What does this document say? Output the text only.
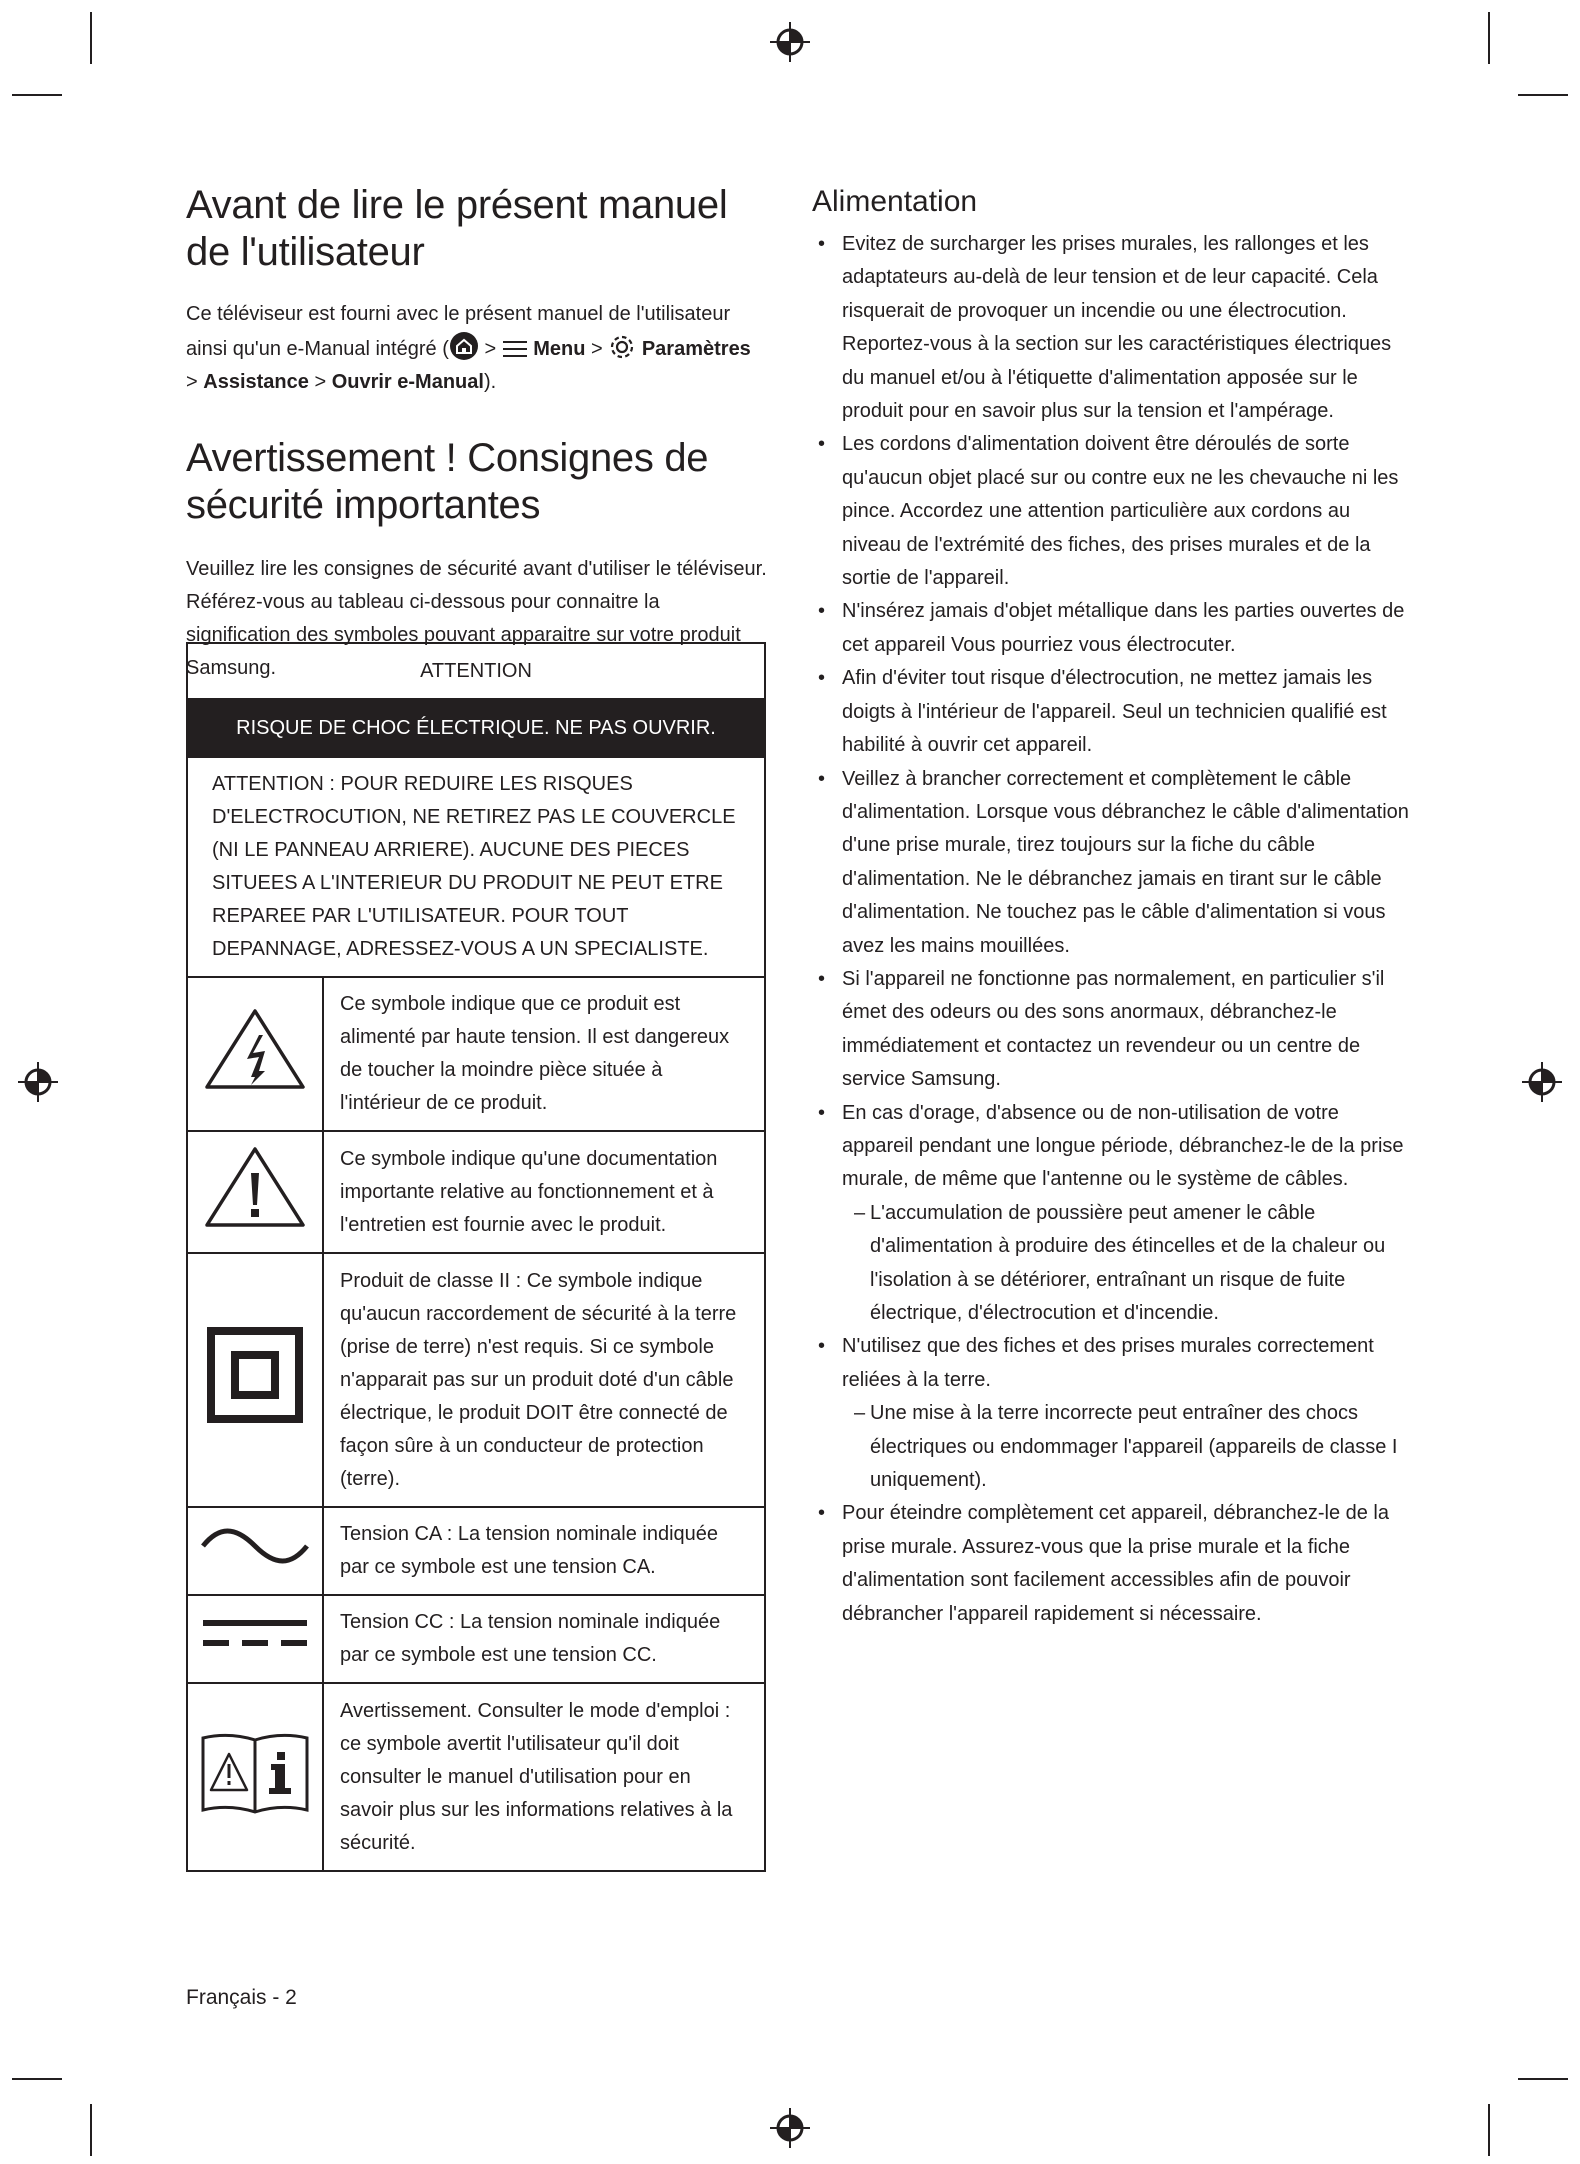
Avant de lire le présent manuel de l'utilisateur

Ce téléviseur est fourni avec le présent manuel de l'utilisateur ainsi qu'un e-Manual intégré ( > Menu > Paramètres > Assistance > Ouvrir e-Manual).

Avertissement ! Consignes de sécurité importantes

Veuillez lire les consignes de sécurité avant d'utiliser le téléviseur. Référez-vous au tableau ci-dessous pour connaitre la signification des symboles pouvant apparaitre sur votre produit Samsung.	ATTENTION	
RISQUE DE CHOC ÉLECTRIQUE. NE PAS OUVRIR.	
ATTENTION : POUR REDUIRE LES RISQUES D'ELECTROCUTION, NE RETIREZ PAS LE COUVERCLE (NI LE PANNEAU ARRIERE). AUCUNE DES PIECES SITUEES A L'INTERIEUR DU PRODUIT NE PEUT ETRE REPAREE PAR L'UTILISATEUR. POUR TOUT DEPANNAGE, ADRESSEZ-VOUS A UN SPECIALISTE.	
	Ce symbole indique que ce produit est alimenté par haute tension. Il est dangereux de toucher la moindre pièce située à l'intérieur de ce produit.
	Ce symbole indique qu'une documentation importante relative au fonctionnement et à l'entretien est fournie avec le produit.
	Produit de classe II : Ce symbole indique qu'aucun raccordement de sécurité à la terre (prise de terre) n'est requis. Si ce symbole n'apparait pas sur un produit doté d'un câble électrique, le produit DOIT être connecté de façon sûre à un conducteur de protection (terre).
	Tension CA : La tension nominale indiquée par ce symbole est une tension CA.
	Tension CC : La tension nominale indiquée par ce symbole est une tension CC.
	Avertissement. Consulter le mode d'emploi : ce symbole avertit l'utilisateur qu'il doit consulter le manuel d'utilisation pour en savoir plus sur les informations relatives à la sécurité.
Alimentation
• Evitez de surcharger les prises murales, les rallonges et les adaptateurs au-delà de leur tension et de leur capacité. Cela risquerait de provoquer un incendie ou une électrocution. Reportez-vous à la section sur les caractéristiques électriques du manuel et/ou à l'étiquette d'alimentation apposée sur le produit pour en savoir plus sur la tension et l'ampérage.
• Les cordons d'alimentation doivent être déroulés de sorte qu'aucun objet placé sur ou contre eux ne les chevauche ni les pince. Accordez une attention particulière aux cordons au niveau de l'extrémité des fiches, des prises murales et de la sortie de l'appareil.
• N'insérez jamais d'objet métallique dans les parties ouvertes de cet appareil Vous pourriez vous électrocuter.
• Afin d'éviter tout risque d'électrocution, ne mettez jamais les doigts à l'intérieur de l'appareil. Seul un technicien qualifié est habilité à ouvrir cet appareil.
• Veillez à brancher correctement et complètement le câble d'alimentation. Lorsque vous débranchez le câble d'alimentation d'une prise murale, tirez toujours sur la fiche du câble d'alimentation. Ne le débranchez jamais en tirant sur le câble d'alimentation. Ne touchez pas le câble d'alimentation si vous avez les mains mouillées.
• Si l'appareil ne fonctionne pas normalement, en particulier s'il émet des odeurs ou des sons anormaux, débranchez-le immédiatement et contactez un revendeur ou un centre de service Samsung.
• En cas d'orage, d'absence ou de non-utilisation de votre appareil pendant une longue période, débranchez-le de la prise murale, de même que l'antenne ou le système de câbles.
– L'accumulation de poussière peut amener le câble d'alimentation à produire des étincelles et de la chaleur ou l'isolation à se détériorer, entraînant un risque de fuite électrique, d'électrocution et d'incendie.
• N'utilisez que des fiches et des prises murales correctement reliées à la terre.
– Une mise à la terre incorrecte peut entraîner des chocs électriques ou endommager l'appareil (appareils de classe I uniquement).
• Pour éteindre complètement cet appareil, débranchez-le de la prise murale. Assurez-vous que la prise murale et la fiche d'alimentation sont facilement accessibles afin de pouvoir débrancher l'appareil rapidement si nécessaire.
Français - 2
